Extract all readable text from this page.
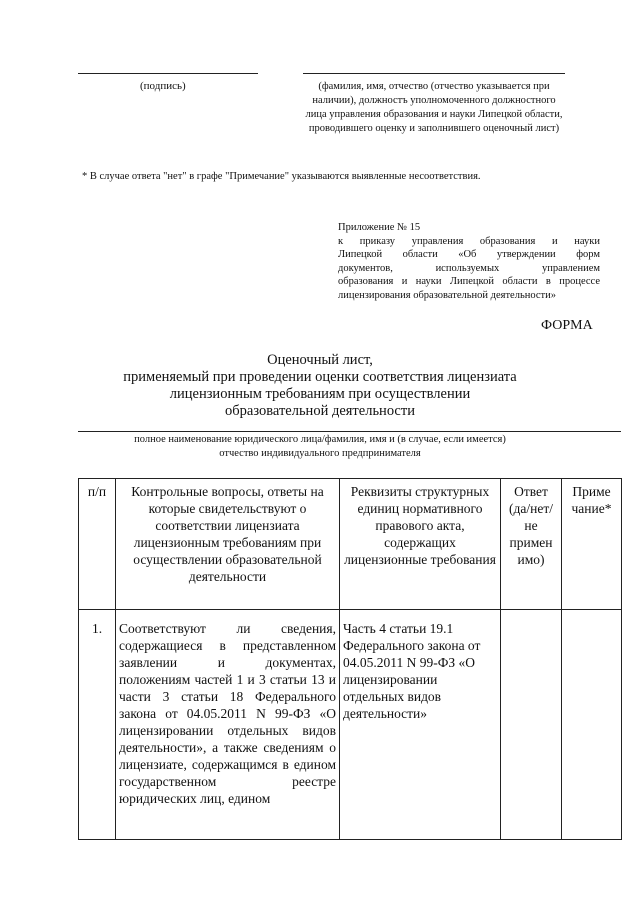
(подпись)	(фамилия, имя, отчество (отчество указывается при наличии), должностъ уполномоченного должностного лица управления образования и науки Липецкой области, проводившего оценку и заполнившего оценочный лист)
* В случае ответа "нет" в графе "Примечание" указываются выявленные несоответствия.
Приложение № 15
к приказу управления образования и науки
Липецкой области «Об утверждении форм
документов, используемых управлением
образования и науки Липецкой области в процессе
лицензирования образовательной деятельности»
ФОРМА
Оценочный лист,
применяемый при проведении оценки соответствия лицензиата
лицензионным требованиям при осуществлении
образовательной деятельности
полное наименование юридического лица/фамилия, имя и (в случае, если имеется)
отчество индивидуального предпринимателя
п/п	Контрольные вопросы, ответы на которые свидетельствуют о соответствии лицензиата лицензионным требованиям при осуществлении образовательной деятельности	Реквизиты структурных единиц нормативного правового акта, содержащих лицензионные требования	Ответ (да/нет/ не примен имо)	Приме чание*
1.	Соответствуют ли сведения, содержащиеся в представленном заявлении и документах, положениям частей 1 и 3 статьи 13 и части 3 статьи 18 Федерального закона от 04.05.2011 N 99-ФЗ «О лицензировании отдельных видов деятельности», а также сведениям о лицензиате, содержащимся в едином государственном реестре юридических лиц, едином	Часть 4 статьи 19.1 Федерального закона от 04.05.2011 N 99-ФЗ «О лицензировании отдельных видов деятельности»		
